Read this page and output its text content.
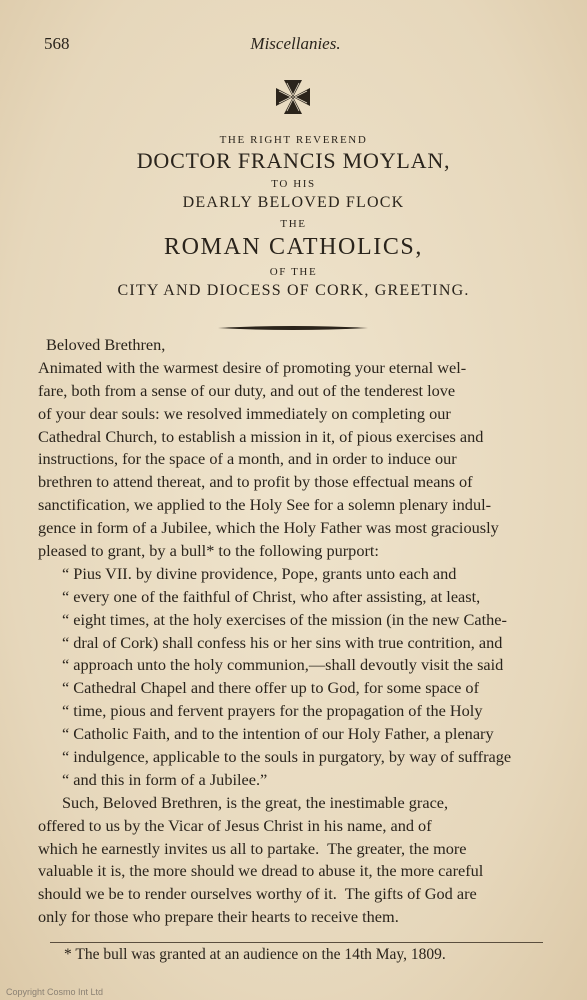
568	Miscellanies.
THE RIGHT REVEREND
DOCTOR FRANCIS MOYLAN,
TO HIS
DEARLY BELOVED FLOCK
THE
ROMAN CATHOLICS,
OF THE
CITY AND DIOCESS OF CORK, GREETING.
Beloved Brethren,
Animated with the warmest desire of promoting your eternal wel-
fare, both from a sense of our duty, and out of the tenderest love
of your dear souls: we resolved immediately on completing our
Cathedral Church, to establish a mission in it, of pious exercises and
instructions, for the space of a month, and in order to induce our
brethren to attend thereat, and to profit by those effectual means of
sanctification, we applied to the Holy See for a solemn plenary indul-
gence in form of a Jubilee, which the Holy Father was most graciously
pleased to grant, by a bull* to the following purport:
“ Pius VII. by divine providence, Pope, grants unto each and
“ every one of the faithful of Christ, who after assisting, at least,
“ eight times, at the holy exercises of the mission (in the new Cathe-
“ dral of Cork) shall confess his or her sins with true contrition, and
“ approach unto the holy communion,—shall devoutly visit the said
“ Cathedral Chapel and there offer up to God, for some space of
“ time, pious and fervent prayers for the propagation of the Holy
“ Catholic Faith, and to the intention of our Holy Father, a plenary
“ indulgence, applicable to the souls in purgatory, by way of suffrage
“ and this in form of a Jubilee.”
Such, Beloved Brethren, is the great, the inestimable grace,
offered to us by the Vicar of Jesus Christ in his name, and of
which he earnestly invites us all to partake.  The greater, the more
valuable it is, the more should we dread to abuse it, the more careful
should we be to render ourselves worthy of it.  The gifts of God are
only for those who prepare their hearts to receive them.
* The bull was granted at an audience on the 14th May, 1809.
Copyright Cosmo Int Ltd
